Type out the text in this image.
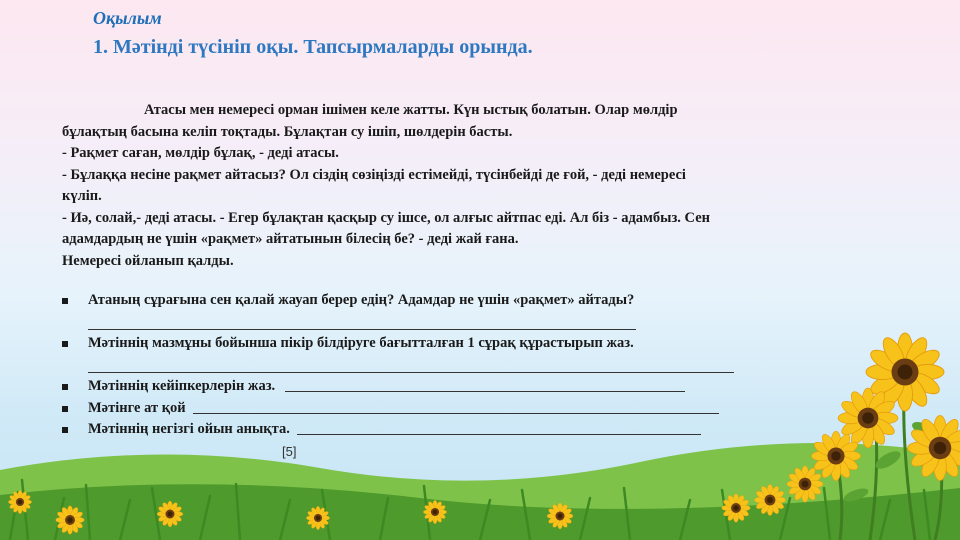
Оқылым
1. Мәтінді түсініп оқы. Тапсырмаларды орында.

Атасы мен немересі орман ішімен келе жатты. Күн ыстық болатын. Олар мөлдір

бұлақтың басына келіп тоқтады. Бұлақтан су ішіп, шөлдерін басты.

- Рақмет саған, мөлдір бұлақ, - деді атасы.

- Бұлаққа несіне рақмет айтасыз? Ол сіздің сөзіңізді естімейді, түсінбейді де ғой, - деді немересі

күліп.

- Иә, солай,- деді атасы. - Егер бұлақтан қасқыр су ішсе, ол алғыс айтпас еді. Ал біз - адамбыз. Сен

адамдардың не үшін «рақмет» айтатынын білесің бе? - деді жай ғана.

Немересі ойланып қалды.

Атаның сұрағына сен қалай жауап берер едің? Адамдар не үшін «рақмет» айтады?
Мәтіннің мазмұны бойынша пікір білдіруге бағытталған 1 сұрақ құрастырып жаз.
Мәтіннің кейіпкерлерін жаз.
Мәтінге ат қой
Мәтіннің негізгі ойын анықта.
[5]
